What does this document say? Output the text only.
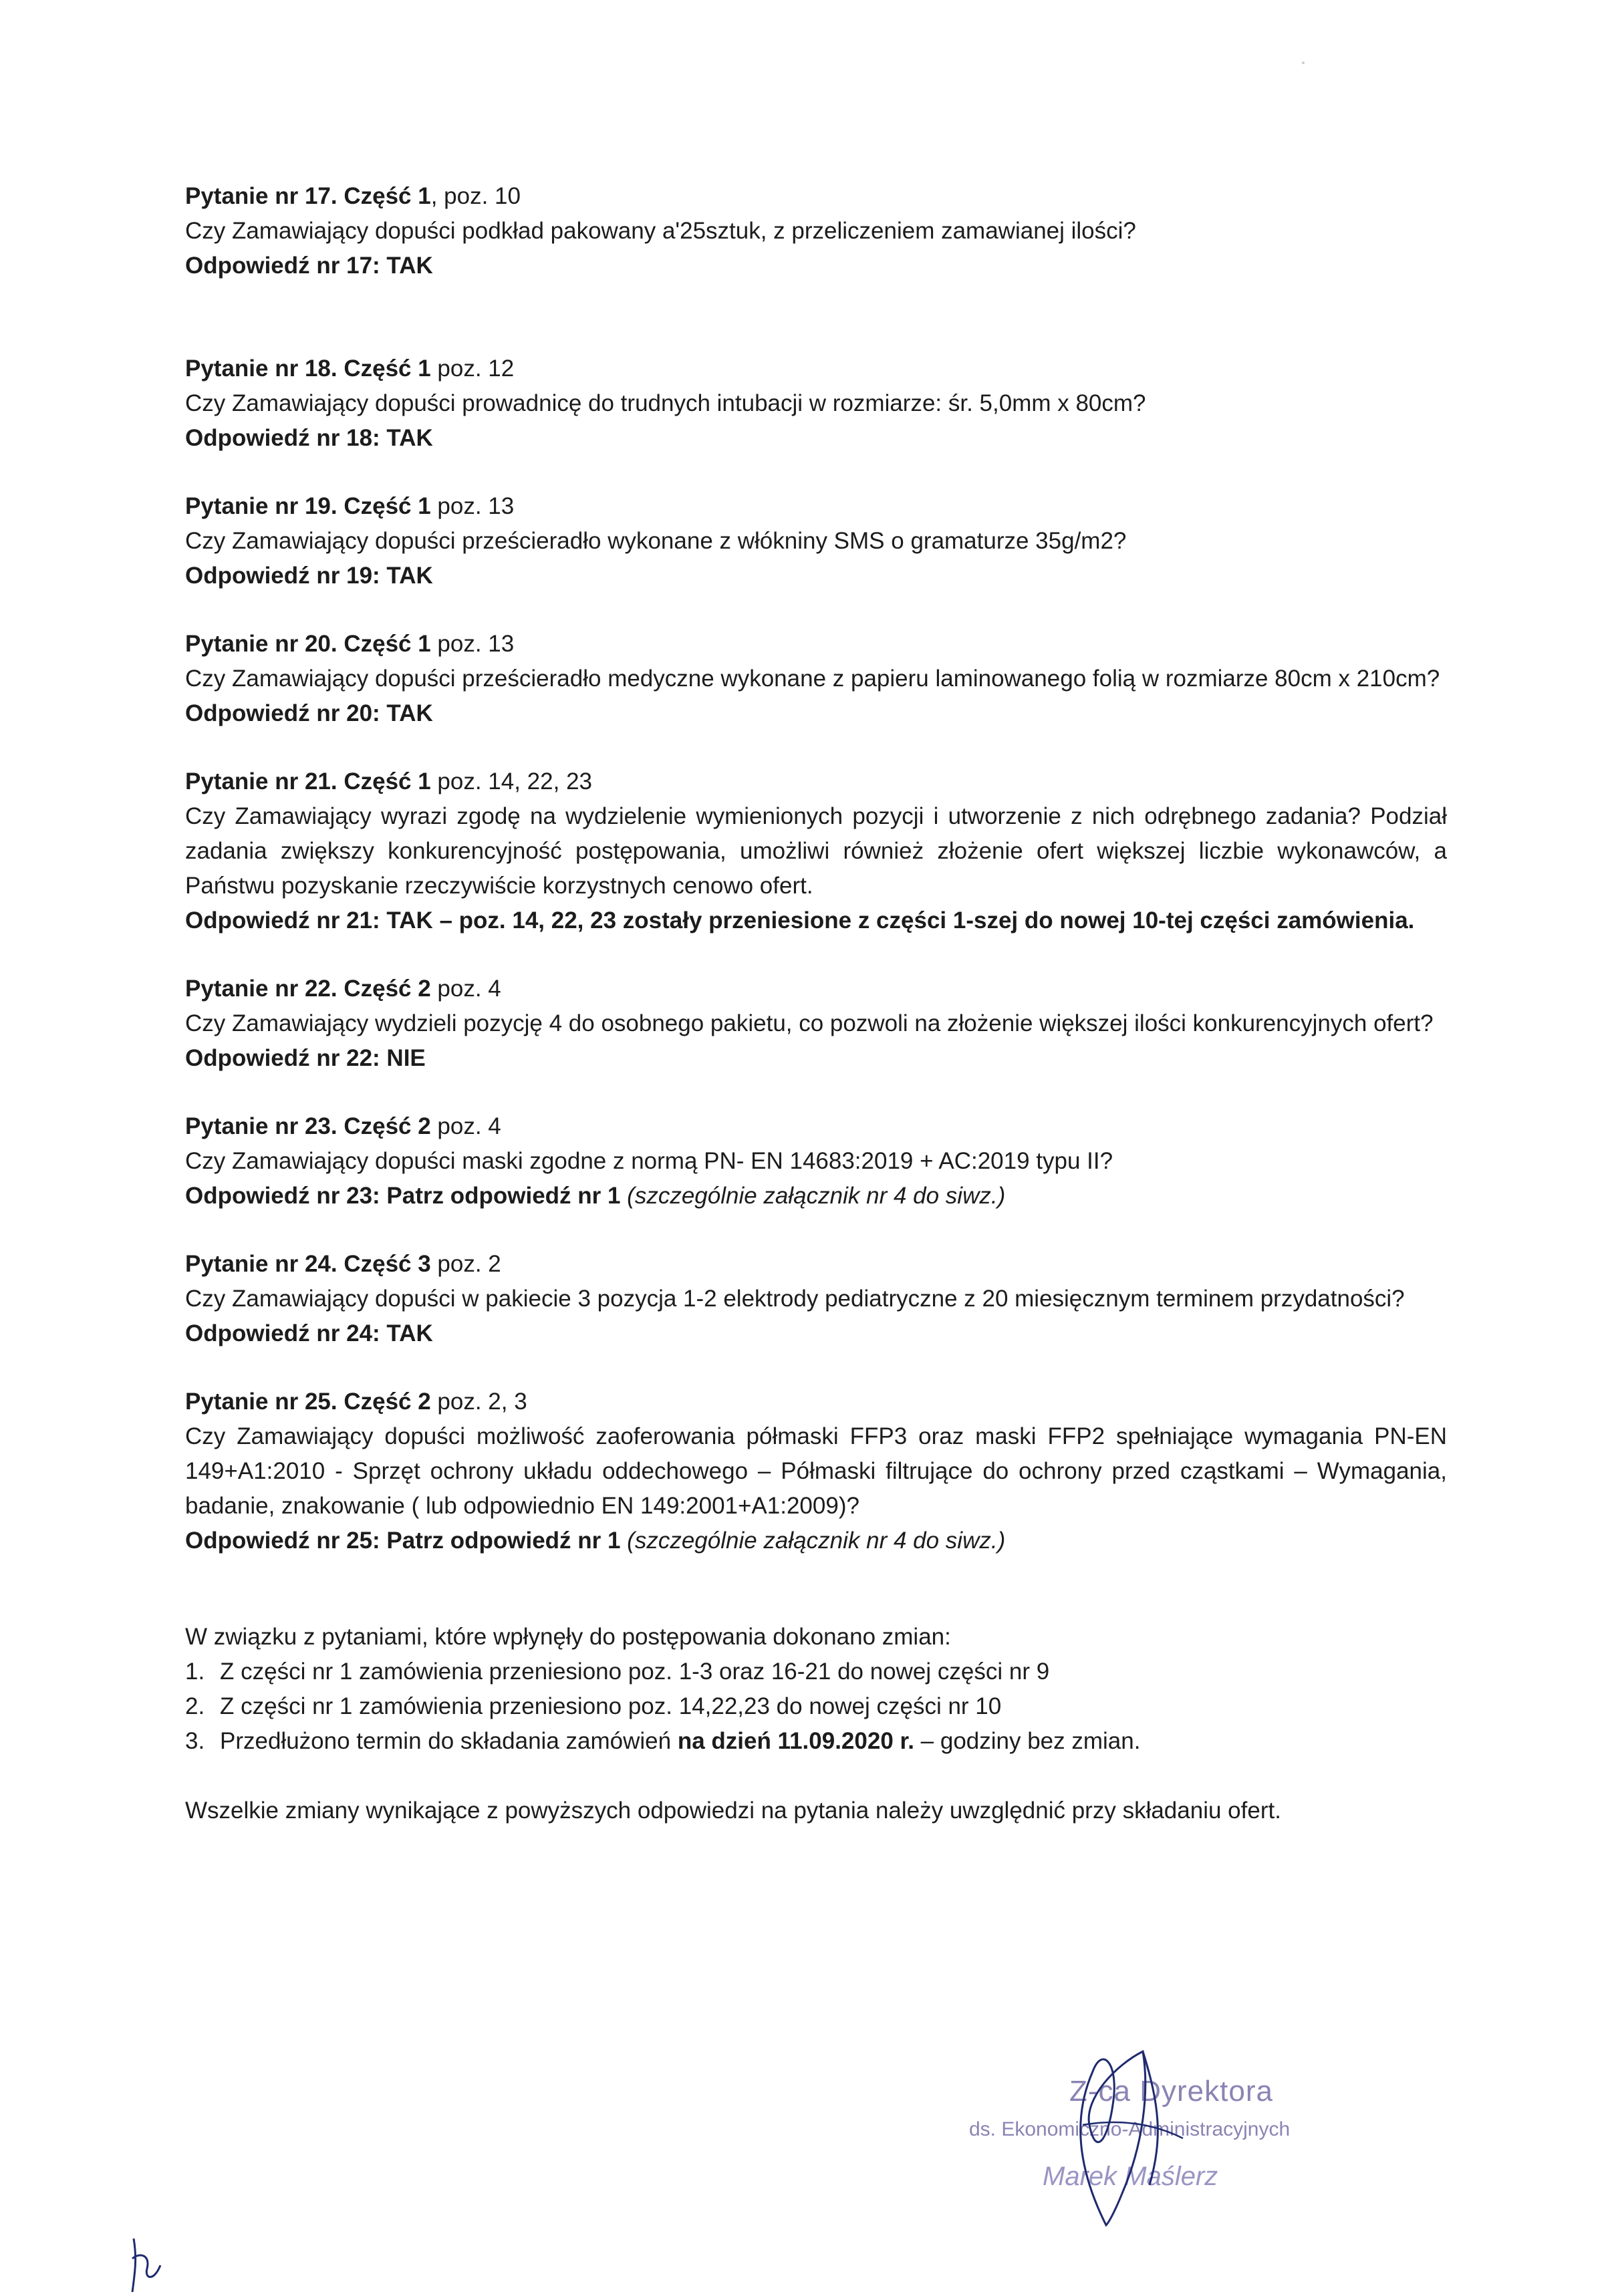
Pytanie nr 17. Część 1, poz. 10
Czy Zamawiający dopuści podkład pakowany a'25sztuk, z przeliczeniem zamawianej ilości?
Odpowiedź nr 17: TAK
Pytanie nr 18. Część 1 poz. 12
Czy Zamawiający dopuści prowadnicę do trudnych intubacji w rozmiarze: śr. 5,0mm x 80cm?
Odpowiedź nr 18: TAK
Pytanie nr 19. Część 1 poz. 13
Czy Zamawiający dopuści prześcieradło wykonane z włókniny SMS o gramaturze 35g/m2?
Odpowiedź nr 19: TAK
Pytanie nr 20. Część 1 poz. 13
Czy Zamawiający dopuści prześcieradło medyczne wykonane z papieru laminowanego folią w rozmiarze 80cm x 210cm?
Odpowiedź nr 20: TAK
Pytanie nr 21. Część 1 poz. 14, 22, 23
Czy Zamawiający wyrazi zgodę na wydzielenie wymienionych pozycji i utworzenie z nich odrębnego zadania? Podział zadania zwiększy konkurencyjność postępowania, umożliwi również złożenie ofert większej liczbie wykonawców, a Państwu pozyskanie rzeczywiście korzystnych cenowo ofert.
Odpowiedź nr 21: TAK – poz. 14, 22, 23 zostały przeniesione z części 1-szej do nowej 10-tej części zamówienia.
Pytanie nr 22. Część 2 poz. 4
Czy Zamawiający wydzieli pozycję 4 do osobnego pakietu, co pozwoli na złożenie większej ilości konkurencyjnych ofert?
Odpowiedź nr 22: NIE
Pytanie nr 23. Część 2 poz. 4
Czy Zamawiający dopuści maski zgodne z normą PN- EN 14683:2019 + AC:2019 typu II?
Odpowiedź nr 23: Patrz odpowiedź nr 1 (szczególnie załącznik nr 4 do siwz.)
Pytanie nr 24. Część 3 poz. 2
Czy Zamawiający dopuści w pakiecie 3 pozycja 1-2 elektrody pediatryczne z 20 miesięcznym terminem przydatności?
Odpowiedź nr 24: TAK
Pytanie nr 25. Część 2 poz. 2, 3
Czy Zamawiający dopuści możliwość zaoferowania półmaski FFP3 oraz maski FFP2 spełniające wymagania PN-EN 149+A1:2010 - Sprzęt ochrony układu oddechowego – Półmaski filtrujące do ochrony przed cząstkami – Wymagania, badanie, znakowanie ( lub odpowiednio EN 149:2001+A1:2009)?
Odpowiedź nr 25: Patrz odpowiedź nr 1 (szczególnie załącznik nr 4 do siwz.)
W związku z pytaniami, które wpłynęły do postępowania dokonano zmian:
1. Z części nr 1 zamówienia przeniesiono poz. 1-3 oraz 16-21 do nowej części nr 9
2. Z części nr 1 zamówienia przeniesiono poz. 14,22,23 do nowej części nr 10
3. Przedłużono termin do składania zamówień na dzień 11.09.2020 r. – godziny bez zmian.
Wszelkie zmiany wynikające z powyższych odpowiedzi na pytania należy uwzględnić przy składaniu ofert.
Z-ca Dyrektora
ds. Ekonomiczno-Administracyjnych
Marek Maślerz
